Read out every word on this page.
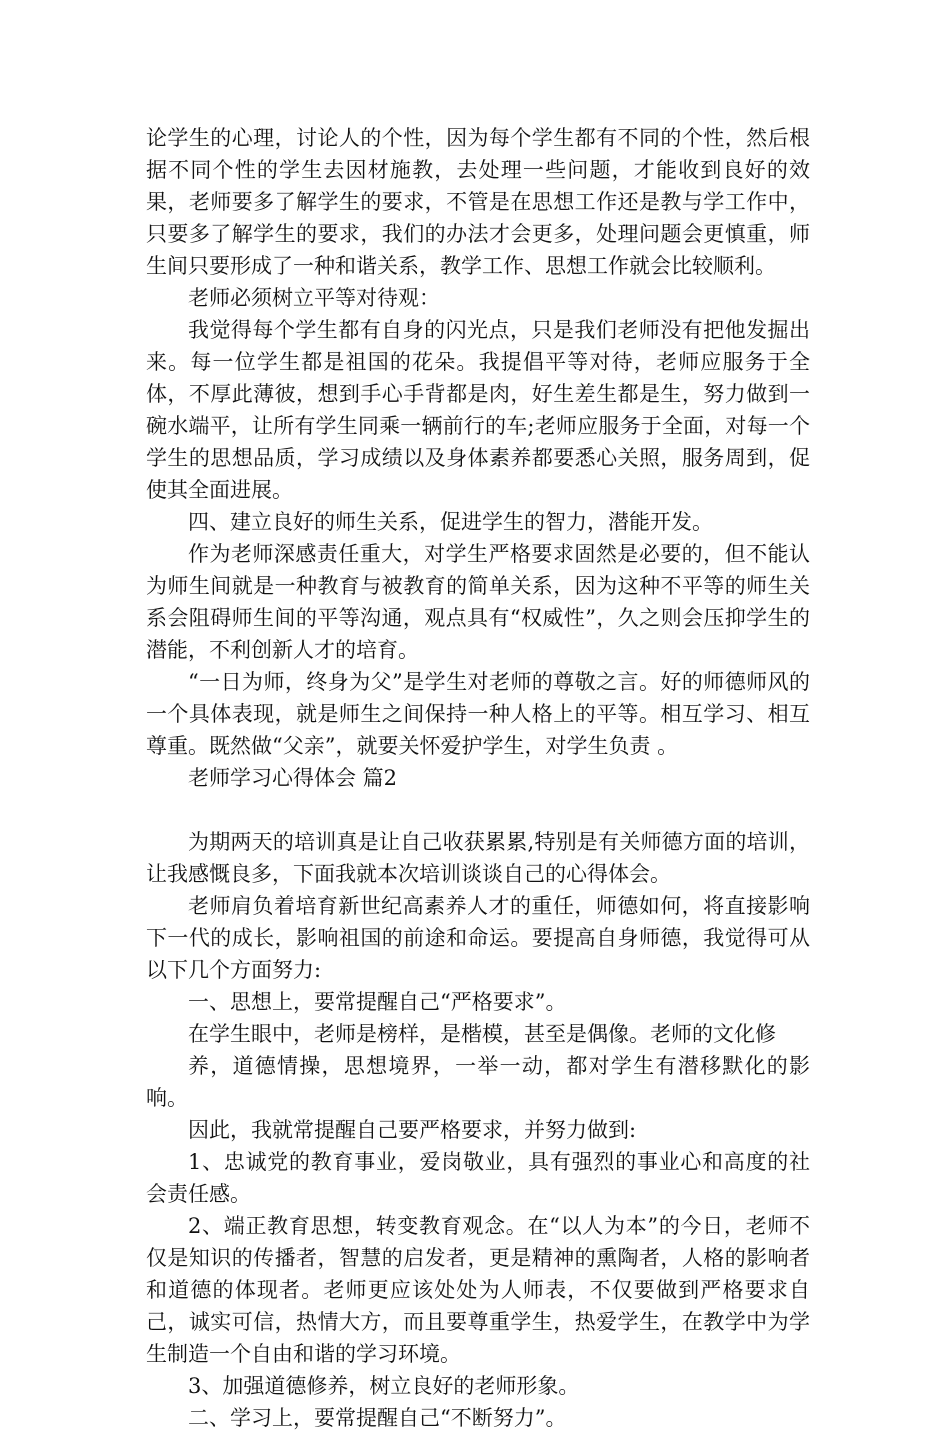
论学生的心理，讨论人的个性，因为每个学生都有不同的个性，然后根据不同个性的学生去因材施教，去处理一些问题，才能收到良好的效果，老师要多了解学生的要求，不管是在思想工作还是教与学工作中，只要多了解学生的要求，我们的办法才会更多，处理问题会更慎重，师生间只要形成了一种和谐关系，教学工作、思想工作就会比较顺利。

老师必须树立平等对待观：

我觉得每个学生都有自身的闪光点，只是我们老师没有把他发掘出来。每一位学生都是祖国的花朵。我提倡平等对待，老师应服务于全体，不厚此薄彼，想到手心手背都是肉，好生差生都是生，努力做到一碗水端平，让所有学生同乘一辆前行的车;老师应服务于全面，对每一个学生的思想品质，学习成绩以及身体素养都要悉心关照，服务周到，促使其全面进展。

四、建立良好的师生关系，促进学生的智力，潜能开发。

作为老师深感责任重大，对学生严格要求固然是必要的，但不能认为师生间就是一种教育与被教育的简单关系，因为这种不平等的师生关系会阻碍师生间的平等沟通，观点具有“权威性”，久之则会压抑学生的潜能，不利创新人才的培育。

“一日为师，终身为父”是学生对老师的尊敬之言。好的师德师风的一个具体表现，就是师生之间保持一种人格上的平等。相互学习、相互尊重。既然做“父亲”，就要关怀爱护学生，对学生负责 。

老师学习心得体会 篇2

为期两天的培训真是让自己收获累累,特别是有关师德方面的培训，让我感慨良多，下面我就本次培训谈谈自己的心得体会。

老师肩负着培育新世纪高素养人才的重任，师德如何，将直接影响下一代的成长，影响祖国的前途和命运。要提高自身师德，我觉得可从以下几个方面努力:

一、思想上，要常提醒自己“严格要求”。

在学生眼中，老师是榜样，是楷模，甚至是偶像。老师的文化修

养，道德情操，思想境界，一举一动，都对学生有潜移默化的影响。

因此，我就常提醒自己要严格要求，并努力做到:

1、忠诚党的教育事业，爱岗敬业，具有强烈的事业心和高度的社会责任感。

2、端正教育思想，转变教育观念。在“以人为本”的今日，老师不仅是知识的传播者，智慧的启发者，更是精神的熏陶者，人格的影响者和道德的体现者。老师更应该处处为人师表，不仅要做到严格要求自己，诚实可信，热情大方，而且要尊重学生，热爱学生，在教学中为学生制造一个自由和谐的学习环境。

3、加强道德修养，树立良好的老师形象。

二、学习上，要常提醒自己“不断努力”。
